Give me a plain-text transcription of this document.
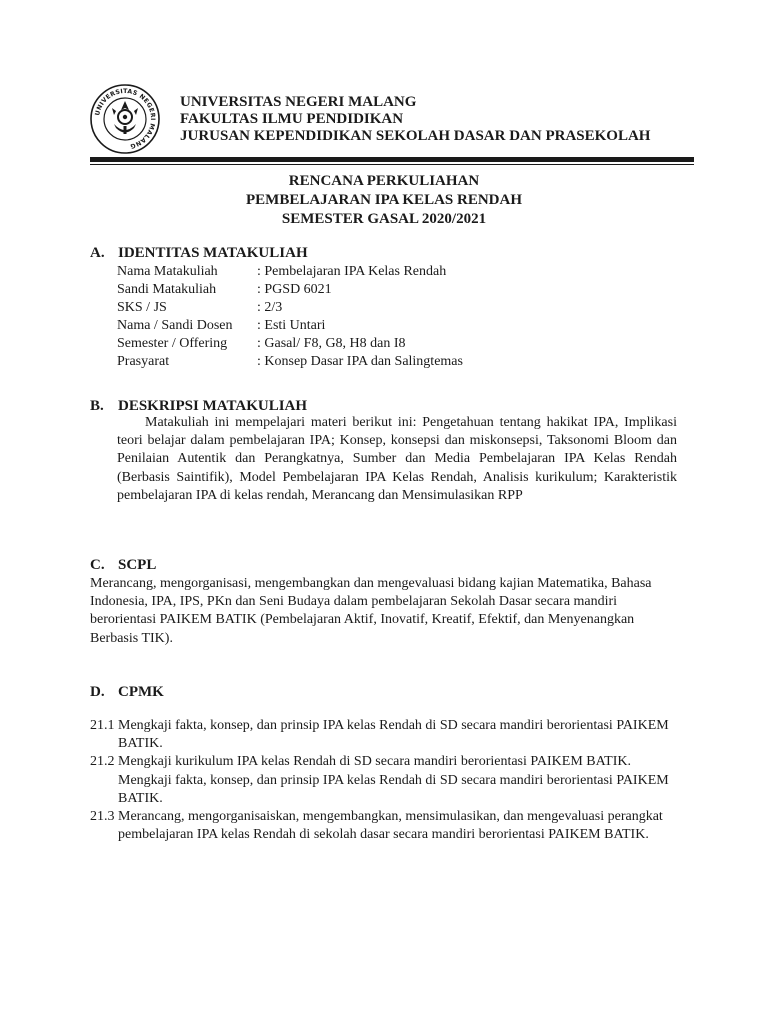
UNIVERSITAS NEGERI MALANG
UNIVERSITAS NEGERI MALANG
FAKULTAS ILMU PENDIDIKAN
JURUSAN KEPENDIDIKAN SEKOLAH DASAR DAN PRASEKOLAH
RENCANA PERKULIAHAN
PEMBELAJARAN IPA KELAS RENDAH
SEMESTER GASAL 2020/2021
A. IDENTITAS MATAKULIAH
Nama Matakuliah	: Pembelajaran IPA Kelas Rendah
Sandi Matakuliah	: PGSD 6021
SKS / JS	: 2/3
Nama / Sandi Dosen	: Esti Untari
Semester / Offering	: Gasal/ F8, G8, H8 dan I8
Prasyarat	: Konsep Dasar IPA dan Salingtemas
B. DESKRIPSI MATAKULIAH
Matakuliah ini mempelajari materi berikut ini: Pengetahuan tentang hakikat IPA, Implikasi teori belajar dalam pembelajaran IPA; Konsep, konsepsi dan miskonsepsi, Taksonomi Bloom dan Penilaian Autentik dan Perangkatnya, Sumber dan Media Pembelajaran IPA Kelas Rendah (Berbasis Saintifik), Model Pembelajaran IPA Kelas Rendah, Analisis kurikulum; Karakteristik pembelajaran IPA di kelas rendah, Merancang dan Mensimulasikan RPP
C. SCPL
Merancang, mengorganisasi, mengembangkan dan mengevaluasi bidang kajian Matematika, Bahasa Indonesia, IPA, IPS, PKn dan Seni Budaya dalam pembelajaran Sekolah Dasar secara mandiri berorientasi PAIKEM BATIK (Pembelajaran Aktif, Inovatif, Kreatif, Efektif, dan Menyenangkan Berbasis TIK).
D. CPMK
21.1 Mengkaji fakta, konsep, dan prinsip IPA kelas Rendah di SD secara mandiri berorientasi PAIKEM BATIK.
21.2 Mengkaji kurikulum IPA kelas Rendah di SD secara mandiri berorientasi PAIKEM BATIK. Mengkaji fakta, konsep, dan prinsip IPA kelas Rendah di SD secara mandiri berorientasi PAIKEM BATIK.
21.3 Merancang, mengorganisaiskan, mengembangkan, mensimulasikan, dan mengevaluasi perangkat pembelajaran IPA kelas Rendah di sekolah dasar secara mandiri berorientasi PAIKEM BATIK.
